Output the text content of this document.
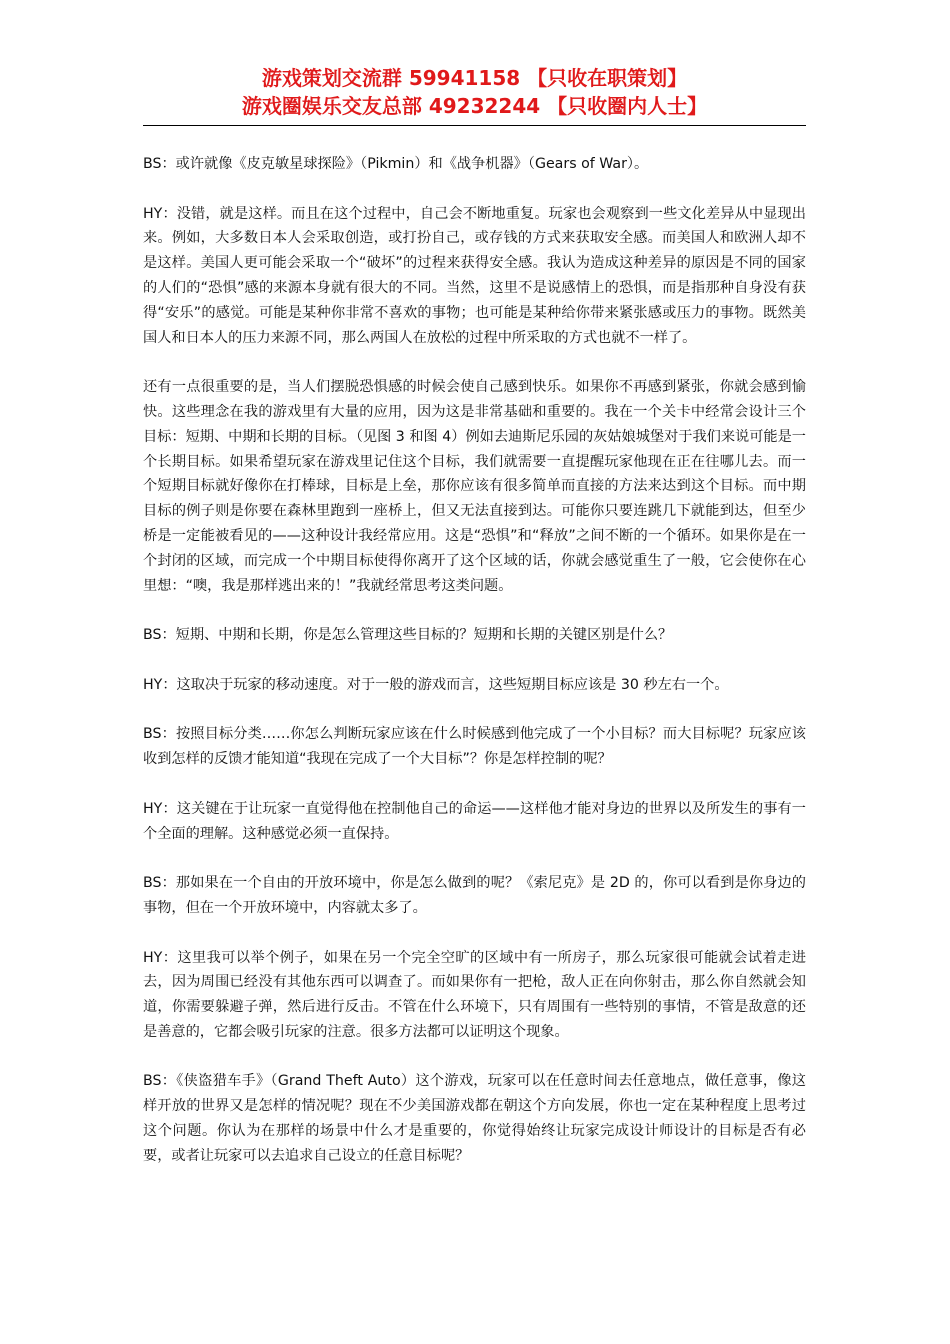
游戏策划交流群 59941158 【只收在职策划】
游戏圈娱乐交友总部 49232244 【只收圈内人士】

BS：或许就像《皮克敏星球探险》（Pikmin）和《战争机器》（Gears of War）。

HY：没错，就是这样。而且在这个过程中，自己会不断地重复。玩家也会观察到一些文化差异从中显现出来。例如，大多数日本人会采取创造，或打扮自己，或存钱的方式来获取安全感。而美国人和欧洲人却不是这样。美国人更可能会采取一个“破坏”的过程来获得安全感。我认为造成这种差异的原因是不同的国家的人们的“恐惧”感的来源本身就有很大的不同。当然，这里不是说感情上的恐惧，而是指那种自身没有获得“安乐”的感觉。可能是某种你非常不喜欢的事物；也可能是某种给你带来紧张感或压力的事物。既然美国人和日本人的压力来源不同，那么两国人在放松的过程中所采取的方式也就不一样了。

还有一点很重要的是，当人们摆脱恐惧感的时候会使自己感到快乐。如果你不再感到紧张，你就会感到愉快。这些理念在我的游戏里有大量的应用，因为这是非常基础和重要的。我在一个关卡中经常会设计三个目标：短期、中期和长期的目标。（见图 3 和图 4）例如去迪斯尼乐园的灰姑娘城堡对于我们来说可能是一个长期目标。如果希望玩家在游戏里记住这个目标，我们就需要一直提醒玩家他现在正在往哪儿去。而一个短期目标就好像你在打棒球，目标是上垒，那你应该有很多简单而直接的方法来达到这个目标。而中期目标的例子则是你要在森林里跑到一座桥上，但又无法直接到达。可能你只要连跳几下就能到达，但至少桥是一定能被看见的——这种设计我经常应用。这是“恐惧”和“释放”之间不断的一个循环。如果你是在一个封闭的区域，而完成一个中期目标使得你离开了这个区域的话，你就会感觉重生了一般，它会使你在心里想：“噢，我是那样逃出来的！”我就经常思考这类问题。

BS：短期、中期和长期，你是怎么管理这些目标的？短期和长期的关键区别是什么？

HY：这取决于玩家的移动速度。对于一般的游戏而言，这些短期目标应该是 30 秒左右一个。

BS：按照目标分类……你怎么判断玩家应该在什么时候感到他完成了一个小目标？而大目标呢？玩家应该收到怎样的反馈才能知道“我现在完成了一个大目标”？你是怎样控制的呢？

HY：这关键在于让玩家一直觉得他在控制他自己的命运——这样他才能对身边的世界以及所发生的事有一个全面的理解。这种感觉必须一直保持。

BS：那如果在一个自由的开放环境中，你是怎么做到的呢？《索尼克》是 2D 的，你可以看到是你身边的事物，但在一个开放环境中，内容就太多了。

HY：这里我可以举个例子，如果在另一个完全空旷的区域中有一所房子，那么玩家很可能就会试着走进去，因为周围已经没有其他东西可以调查了。而如果你有一把枪，敌人正在向你射击，那么你自然就会知道，你需要躲避子弹，然后进行反击。不管在什么环境下，只有周围有一些特别的事情，不管是敌意的还是善意的，它都会吸引玩家的注意。很多方法都可以证明这个现象。

BS：《侠盗猎车手》（Grand Theft Auto）这个游戏，玩家可以在任意时间去任意地点，做任意事，像这样开放的世界又是怎样的情况呢？现在不少美国游戏都在朝这个方向发展，你也一定在某种程度上思考过这个问题。你认为在那样的场景中什么才是重要的，你觉得始终让玩家完成设计师设计的目标是否有必要，或者让玩家可以去追求自己设立的任意目标呢？
